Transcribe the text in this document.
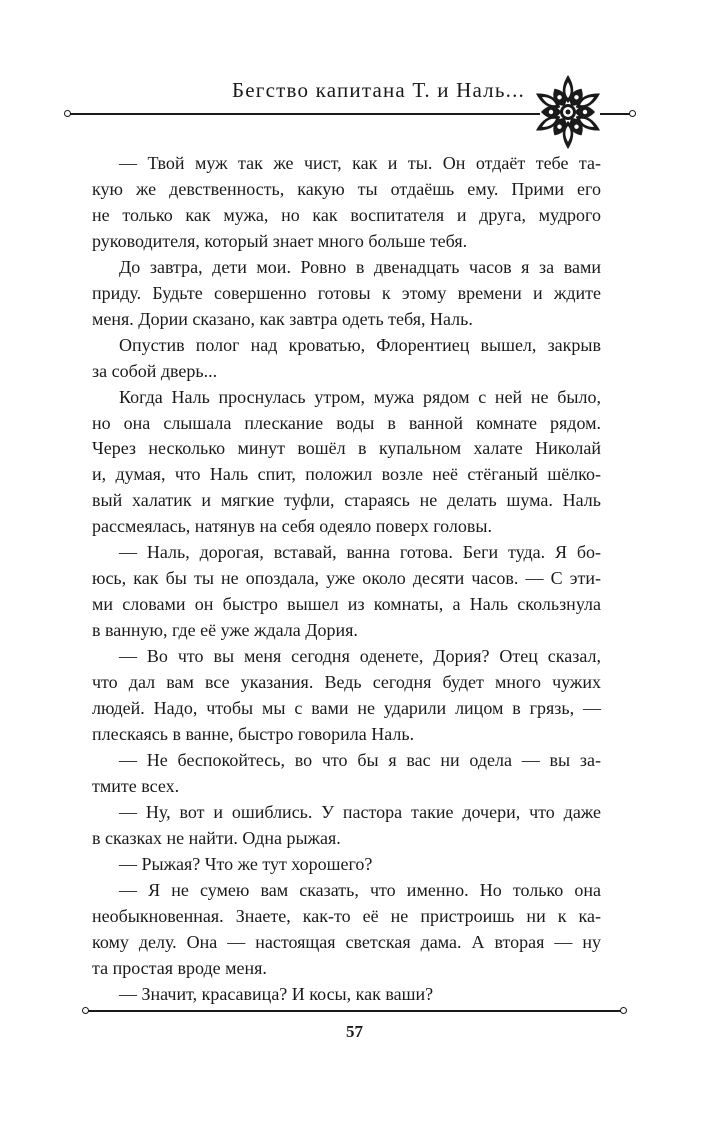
Бегство капитана Т. и Наль...

— Твой муж так же чист, как и ты. Он отдаёт тебе та-
кую же девственность, какую ты отдаёшь ему. Прими его
не только как мужа, но как воспитателя и друга, мудрого
руководителя, который знает много больше тебя.

До завтра, дети мои. Ровно в двенадцать часов я за вами
приду. Будьте совершенно готовы к этому времени и ждите
меня. Дории сказано, как завтра одеть тебя, Наль.

Опустив полог над кроватью, Флорентиец вышел, закрыв
за собой дверь...

Когда Наль проснулась утром, мужа рядом с ней не было,
но она слышала плескание воды в ванной комнате рядом.
Через несколько минут вошёл в купальном халате Николай
и, думая, что Наль спит, положил возле неё стёганый шёлко-
вый халатик и мягкие туфли, стараясь не делать шума. Наль
рассмеялась, натянув на себя одеяло поверх головы.

— Наль, дорогая, вставай, ванна готова. Беги туда. Я бо-
юсь, как бы ты не опоздала, уже около десяти часов. — С эти-
ми словами он быстро вышел из комнаты, а Наль скользнула
в ванную, где её уже ждала Дория.

— Во что вы меня сегодня оденете, Дория? Отец сказал,
что дал вам все указания. Ведь сегодня будет много чужих
людей. Надо, чтобы мы с вами не ударили лицом в грязь, —
плескаясь в ванне, быстро говорила Наль.

— Не беспокойтесь, во что бы я вас ни одела — вы за-
тмите всех.

— Ну, вот и ошиблись. У пастора такие дочери, что даже
в сказках не найти. Одна рыжая.

— Рыжая? Что же тут хорошего?

— Я не сумею вам сказать, что именно. Но только она
необыкновенная. Знаете, как-то её не пристроишь ни к ка-
кому делу. Она — настоящая светская дама. А вторая — ну
та простая вроде меня.

— Значит, красавица? И косы, как ваши?

57
